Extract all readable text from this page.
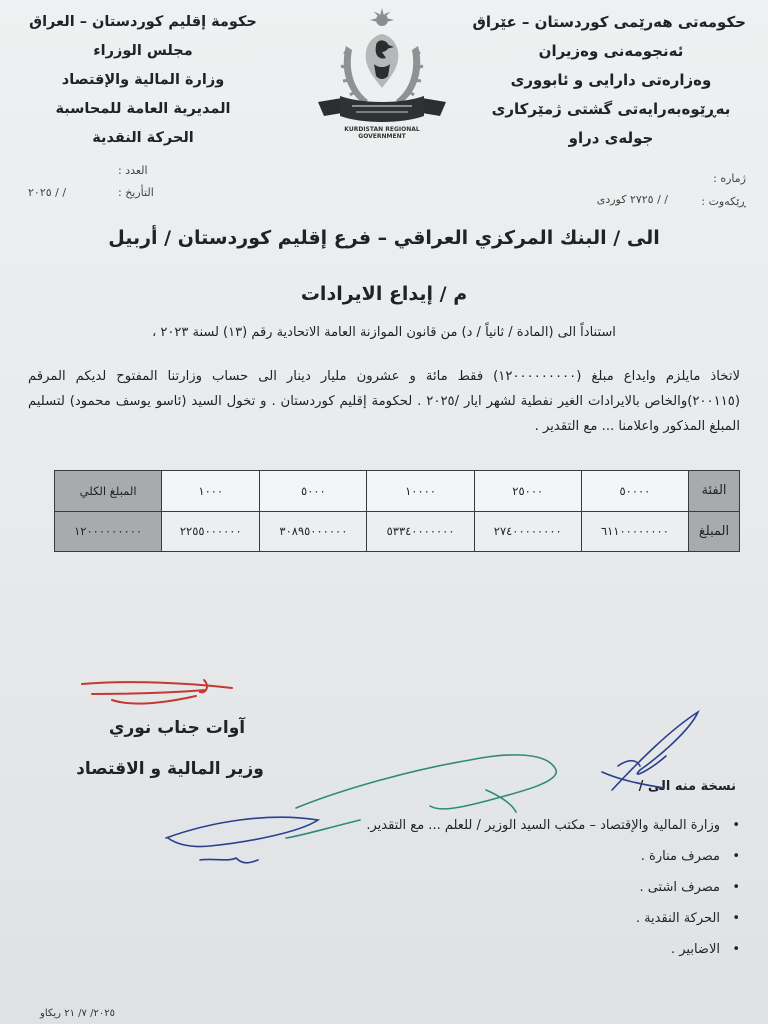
حکومەتی هەرێمی کوردستان – عێراق
ئەنجومەنی وەزیران
وەزارەتی دارایی و ئابووری
بەڕێوەبەرایەتی گشتی ژمێرکاری
جولەی دراو
حكومة إقليم كوردستان – العراق
مجلس الوزراء
وزارة المالية والإقتصاد
المديرية العامة للمحاسبة
الحركة النقدية
KURDISTAN REGIONAL GOVERNMENT
العدد :
التأريخ :
/ / ٢٠٢٥
ژمارە :
ڕێکەوت :
/ / ٢٧٢٥ کوردی
الى / البنك المركزي العراقي – فرع إقليم كوردستان / أربيل
م / إيداع الايرادات
استناداً الى (المادة / ثانياً / د) من قانون الموازنة العامة الاتحادية رقم (١٣) لسنة ٢٠٢٣ ،
لاتخاذ مايلزم وايداع مبلغ (١٢٠٠٠٠٠٠٠٠٠) فقط مائة و عشرون مليار دينار الى حساب وزارتنا المفتوح لديكم المرقم (٢٠٠١١٥)والخاص بالايرادات الغير نفطية لشهر ايار /٢٠٢٥ . لحكومة إقليم كوردستان . و تخول السيد (ئاسو يوسف محمود) لتسليم المبلغ المذكور واعلامنا ... مع التقدير .
الفئة	٥٠٠٠٠	٢٥٠٠٠	١٠٠٠٠	٥٠٠٠	١٠٠٠	المبلغ الكلي
المبلغ	٦١١٠٠٠٠٠٠٠٠	٢٧٤٠٠٠٠٠٠٠٠	٥٣٣٤٠٠٠٠٠٠٠	٣٠٨٩٥٠٠٠٠٠٠	٢٢٥٥٠٠٠٠٠٠	١٢٠٠٠٠٠٠٠٠٠
آوات جناب نوري
وزير المالية و الاقتصاد
نسخة منه الى /
• وزارة المالية والإقتصاد – مكتب السيد الوزير / للعلم ... مع التقدير.
• مصرف منارة .
• مصرف اشتى .
• الحركة النقدية .
• الاضابير .
٢٠٢٥/ ٧/ ٢١ ريكاو
